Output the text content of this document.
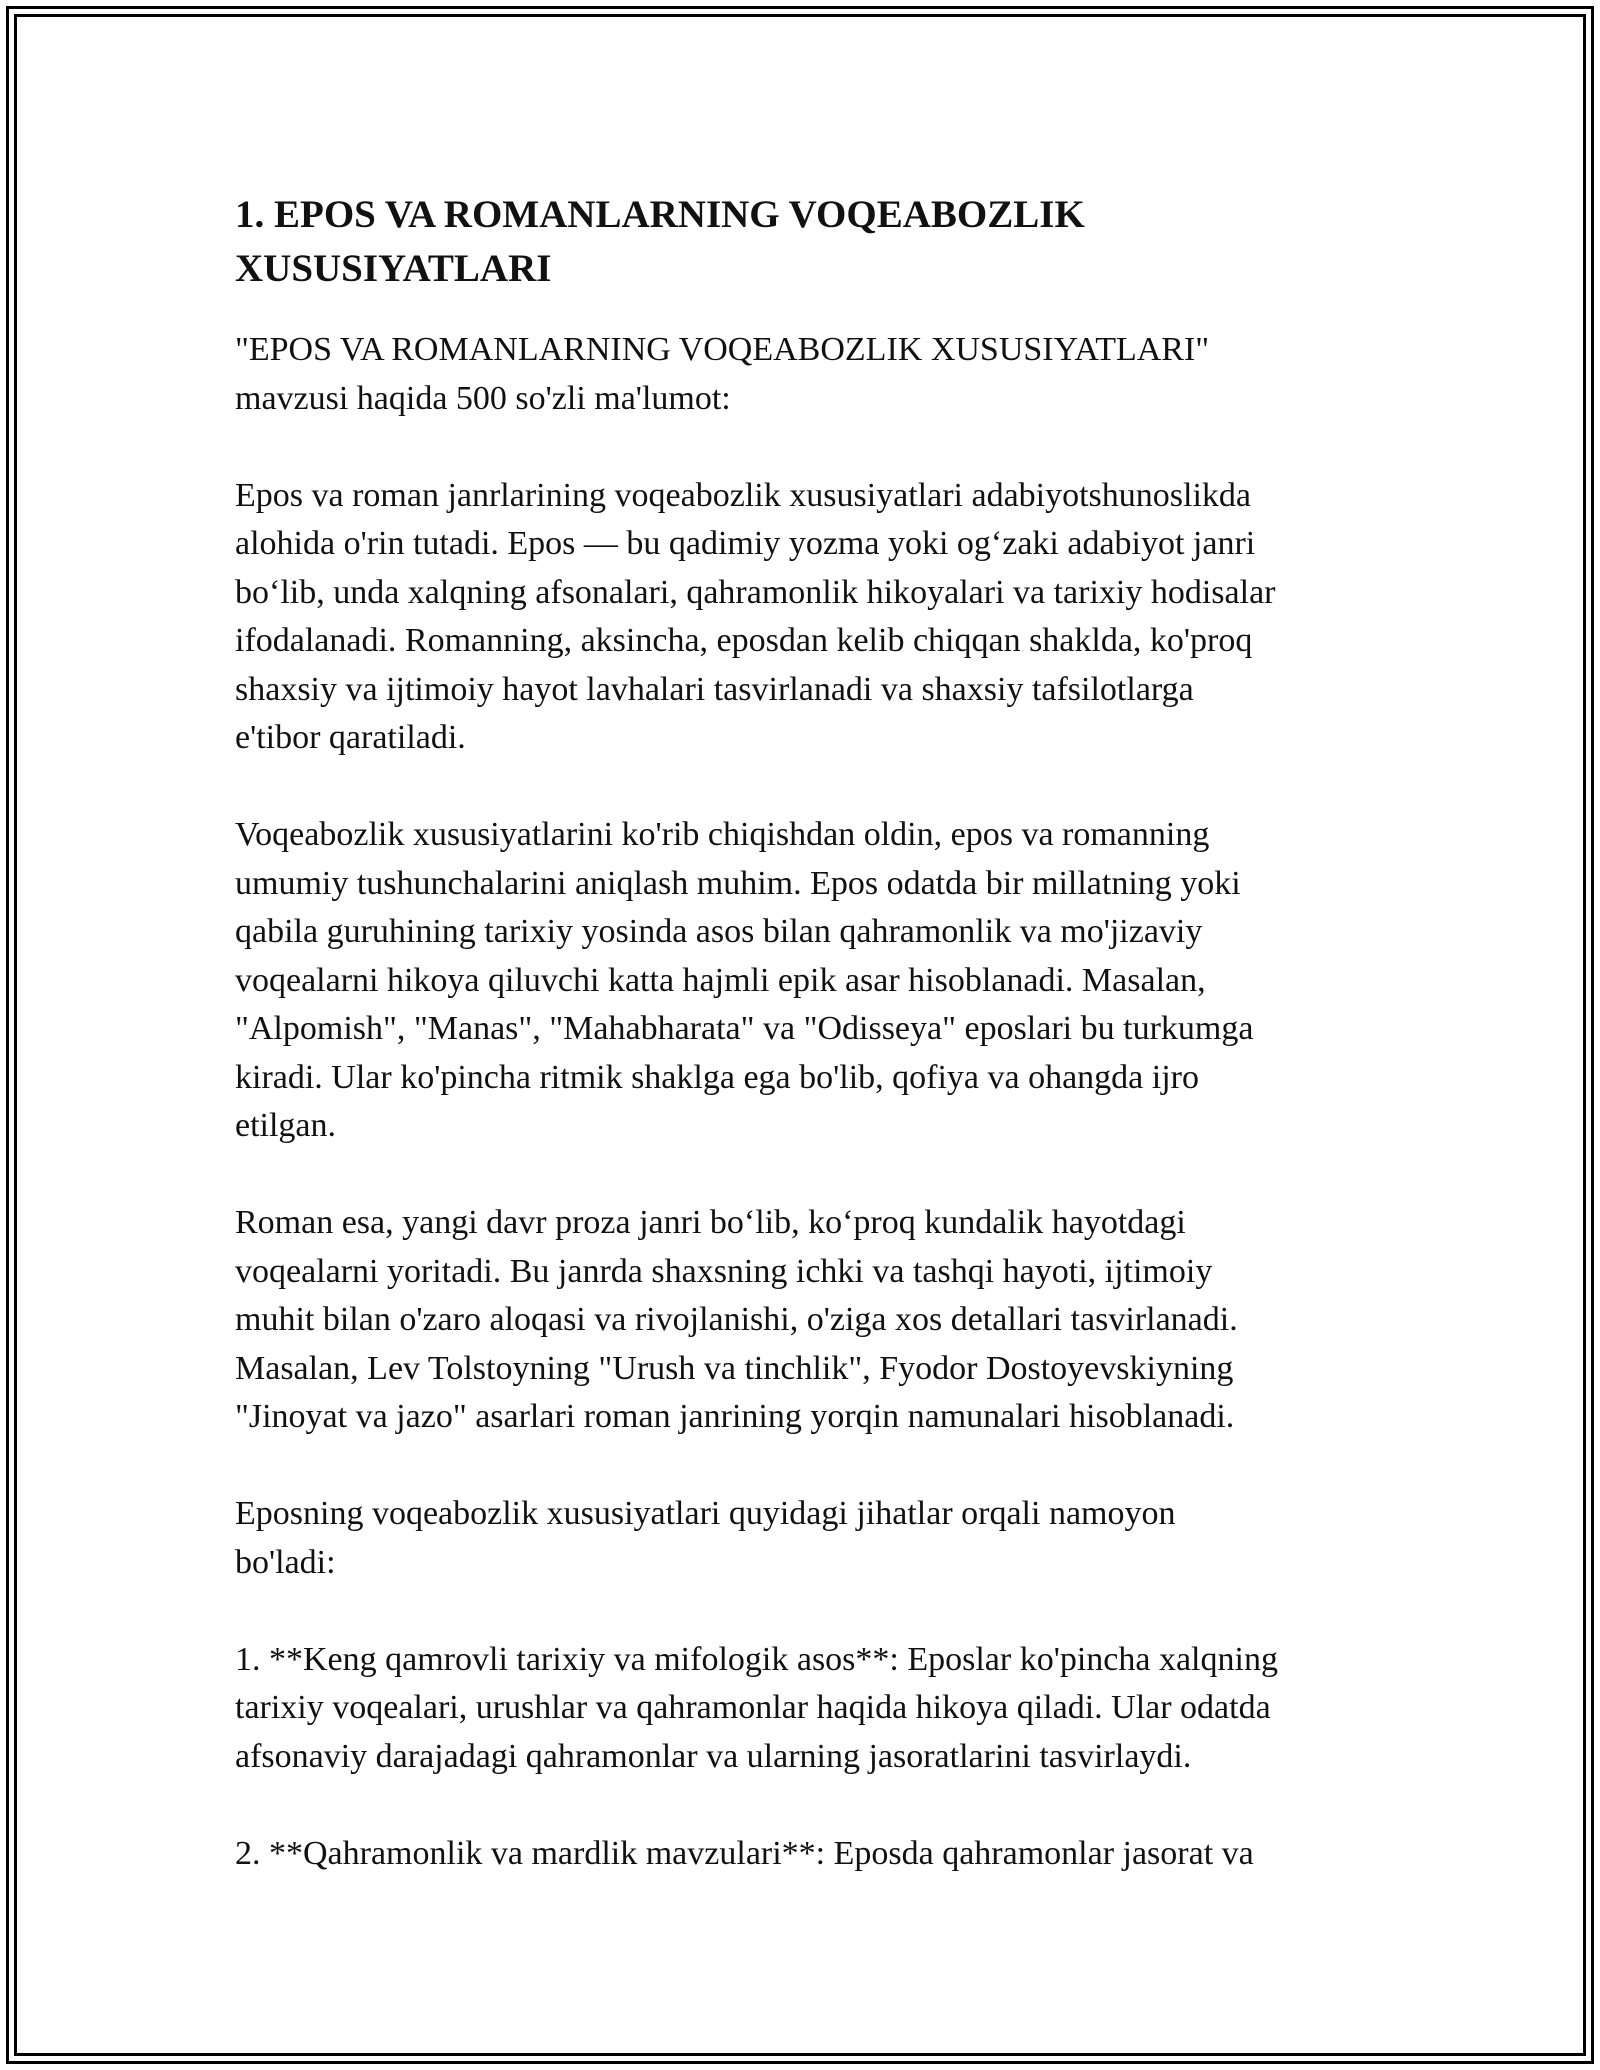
1. EPOS VA ROMANLARNING VOQEABOZLIK
XUSUSIYATLARI

"EPOS VA ROMANLARNING VOQEABOZLIK XUSUSIYATLARI"
mavzusi haqida 500 so'zli ma'lumot:

Epos va roman janrlarining voqeabozlik xususiyatlari adabiyotshunoslikda
alohida o'rin tutadi. Epos — bu qadimiy yozma yoki og‘zaki adabiyot janri
bo‘lib, unda xalqning afsonalari, qahramonlik hikoyalari va tarixiy hodisalar
ifodalanadi. Romanning, aksincha, eposdan kelib chiqqan shaklda, ko'proq
shaxsiy va ijtimoiy hayot lavhalari tasvirlanadi va shaxsiy tafsilotlarga
e'tibor qaratiladi.

Voqeabozlik xususiyatlarini ko'rib chiqishdan oldin, epos va romanning
umumiy tushunchalarini aniqlash muhim. Epos odatda bir millatning yoki
qabila guruhining tarixiy yosinda asos bilan qahramonlik va mo'jizaviy
voqealarni hikoya qiluvchi katta hajmli epik asar hisoblanadi. Masalan,
"Alpomish", "Manas", "Mahabharata" va "Odisseya" eposlari bu turkumga
kiradi. Ular ko'pincha ritmik shaklga ega bo'lib, qofiya va ohangda ijro
etilgan.

Roman esa, yangi davr proza janri bo‘lib, ko‘proq kundalik hayotdagi
voqealarni yoritadi. Bu janrda shaxsning ichki va tashqi hayoti, ijtimoiy
muhit bilan o'zaro aloqasi va rivojlanishi, o'ziga xos detallari tasvirlanadi.
Masalan, Lev Tolstoyning "Urush va tinchlik", Fyodor Dostoyevskiyning
"Jinoyat va jazo" asarlari roman janrining yorqin namunalari hisoblanadi.

Eposning voqeabozlik xususiyatlari quyidagi jihatlar orqali namoyon
bo'ladi:

1. **Keng qamrovli tarixiy va mifologik asos**: Eposlar ko'pincha xalqning
tarixiy voqealari, urushlar va qahramonlar haqida hikoya qiladi. Ular odatda
afsonaviy darajadagi qahramonlar va ularning jasoratlarini tasvirlaydi.

2. **Qahramonlik va mardlik mavzulari**: Eposda qahramonlar jasorat va
